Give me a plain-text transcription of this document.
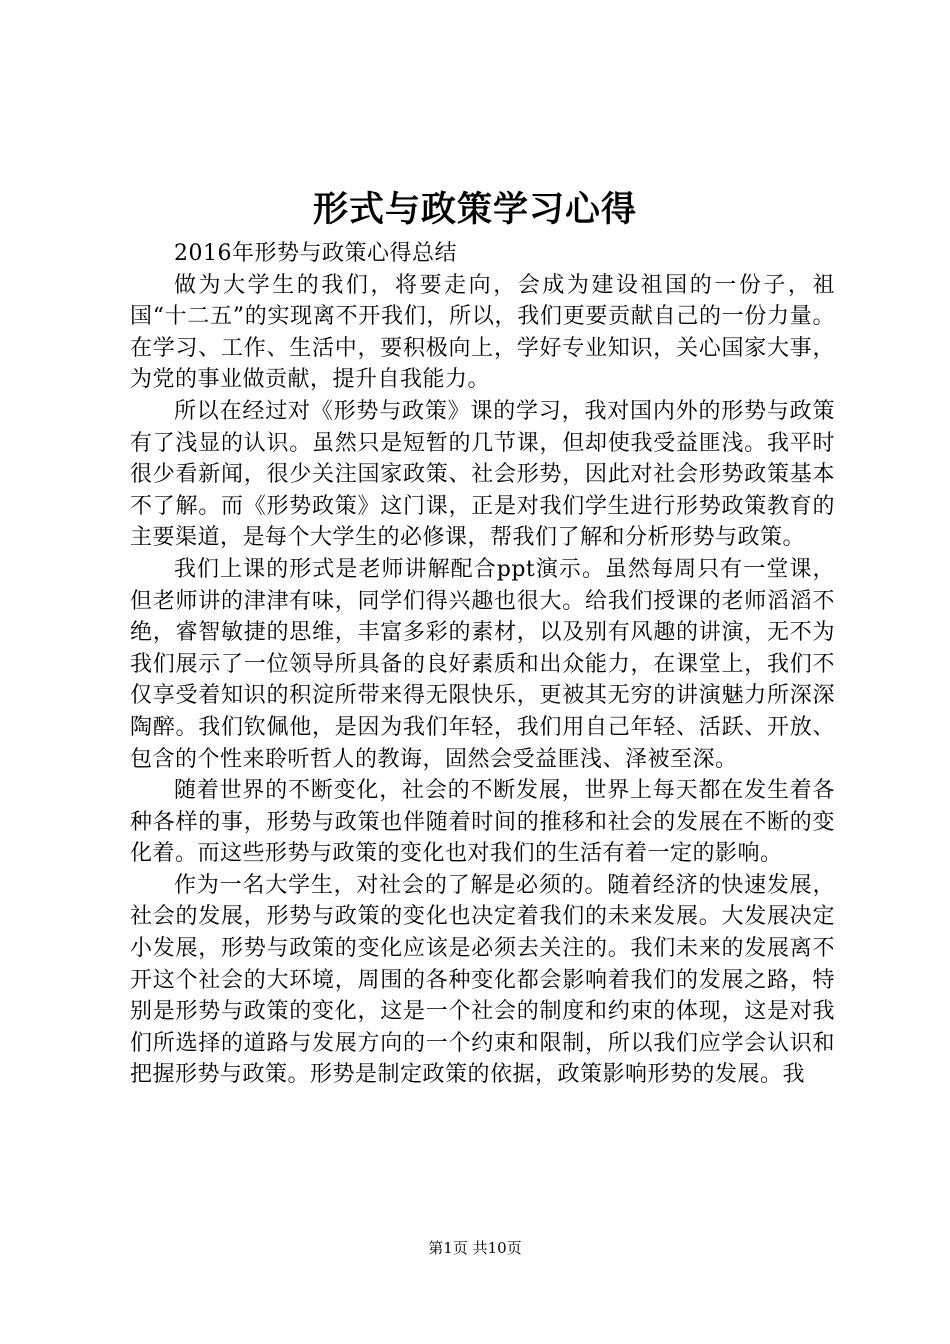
形式与政策学习心得

2016年形势与政策心得总结

做为大学生的我们，将要走向，会成为建设祖国的一份子，祖国“十二五”的实现离不开我们，所以，我们更要贡献自己的一份力量。在学习、工作、生活中，要积极向上，学好专业知识，关心国家大事，为党的事业做贡献，提升自我能力。

所以在经过对《形势与政策》课的学习，我对国内外的形势与政策有了浅显的认识。虽然只是短暂的几节课，但却使我受益匪浅。我平时很少看新闻，很少关注国家政策、社会形势，因此对社会形势政策基本不了解。而《形势政策》这门课，正是对我们学生进行形势政策教育的主要渠道，是每个大学生的必修课，帮我们了解和分析形势与政策。

我们上课的形式是老师讲解配合ppt演示。虽然每周只有一堂课，但老师讲的津津有味，同学们得兴趣也很大。给我们授课的老师滔滔不绝，睿智敏捷的思维，丰富多彩的素材，以及别有风趣的讲演，无不为我们展示了一位领导所具备的良好素质和出众能力，在课堂上，我们不仅享受着知识的积淀所带来得无限快乐，更被其无穷的讲演魅力所深深陶醉。我们钦佩他，是因为我们年轻，我们用自己年轻、活跃、开放、包含的个性来聆听哲人的教诲，固然会受益匪浅、泽被至深。

随着世界的不断变化，社会的不断发展，世界上每天都在发生着各种各样的事，形势与政策也伴随着时间的推移和社会的发展在不断的变化着。而这些形势与政策的变化也对我们的生活有着一定的影响。

作为一名大学生，对社会的了解是必须的。随着经济的快速发展，社会的发展，形势与政策的变化也决定着我们的未来发展。大发展决定小发展，形势与政策的变化应该是必须去关注的。我们未来的发展离不开这个社会的大环境，周围的各种变化都会影响着我们的发展之路，特别是形势与政策的变化，这是一个社会的制度和约束的体现，这是对我们所选择的道路与发展方向的一个约束和限制，所以我们应学会认识和把握形势与政策。形势是制定政策的依据，政策影响形势的发展。我

第1页 共10页
